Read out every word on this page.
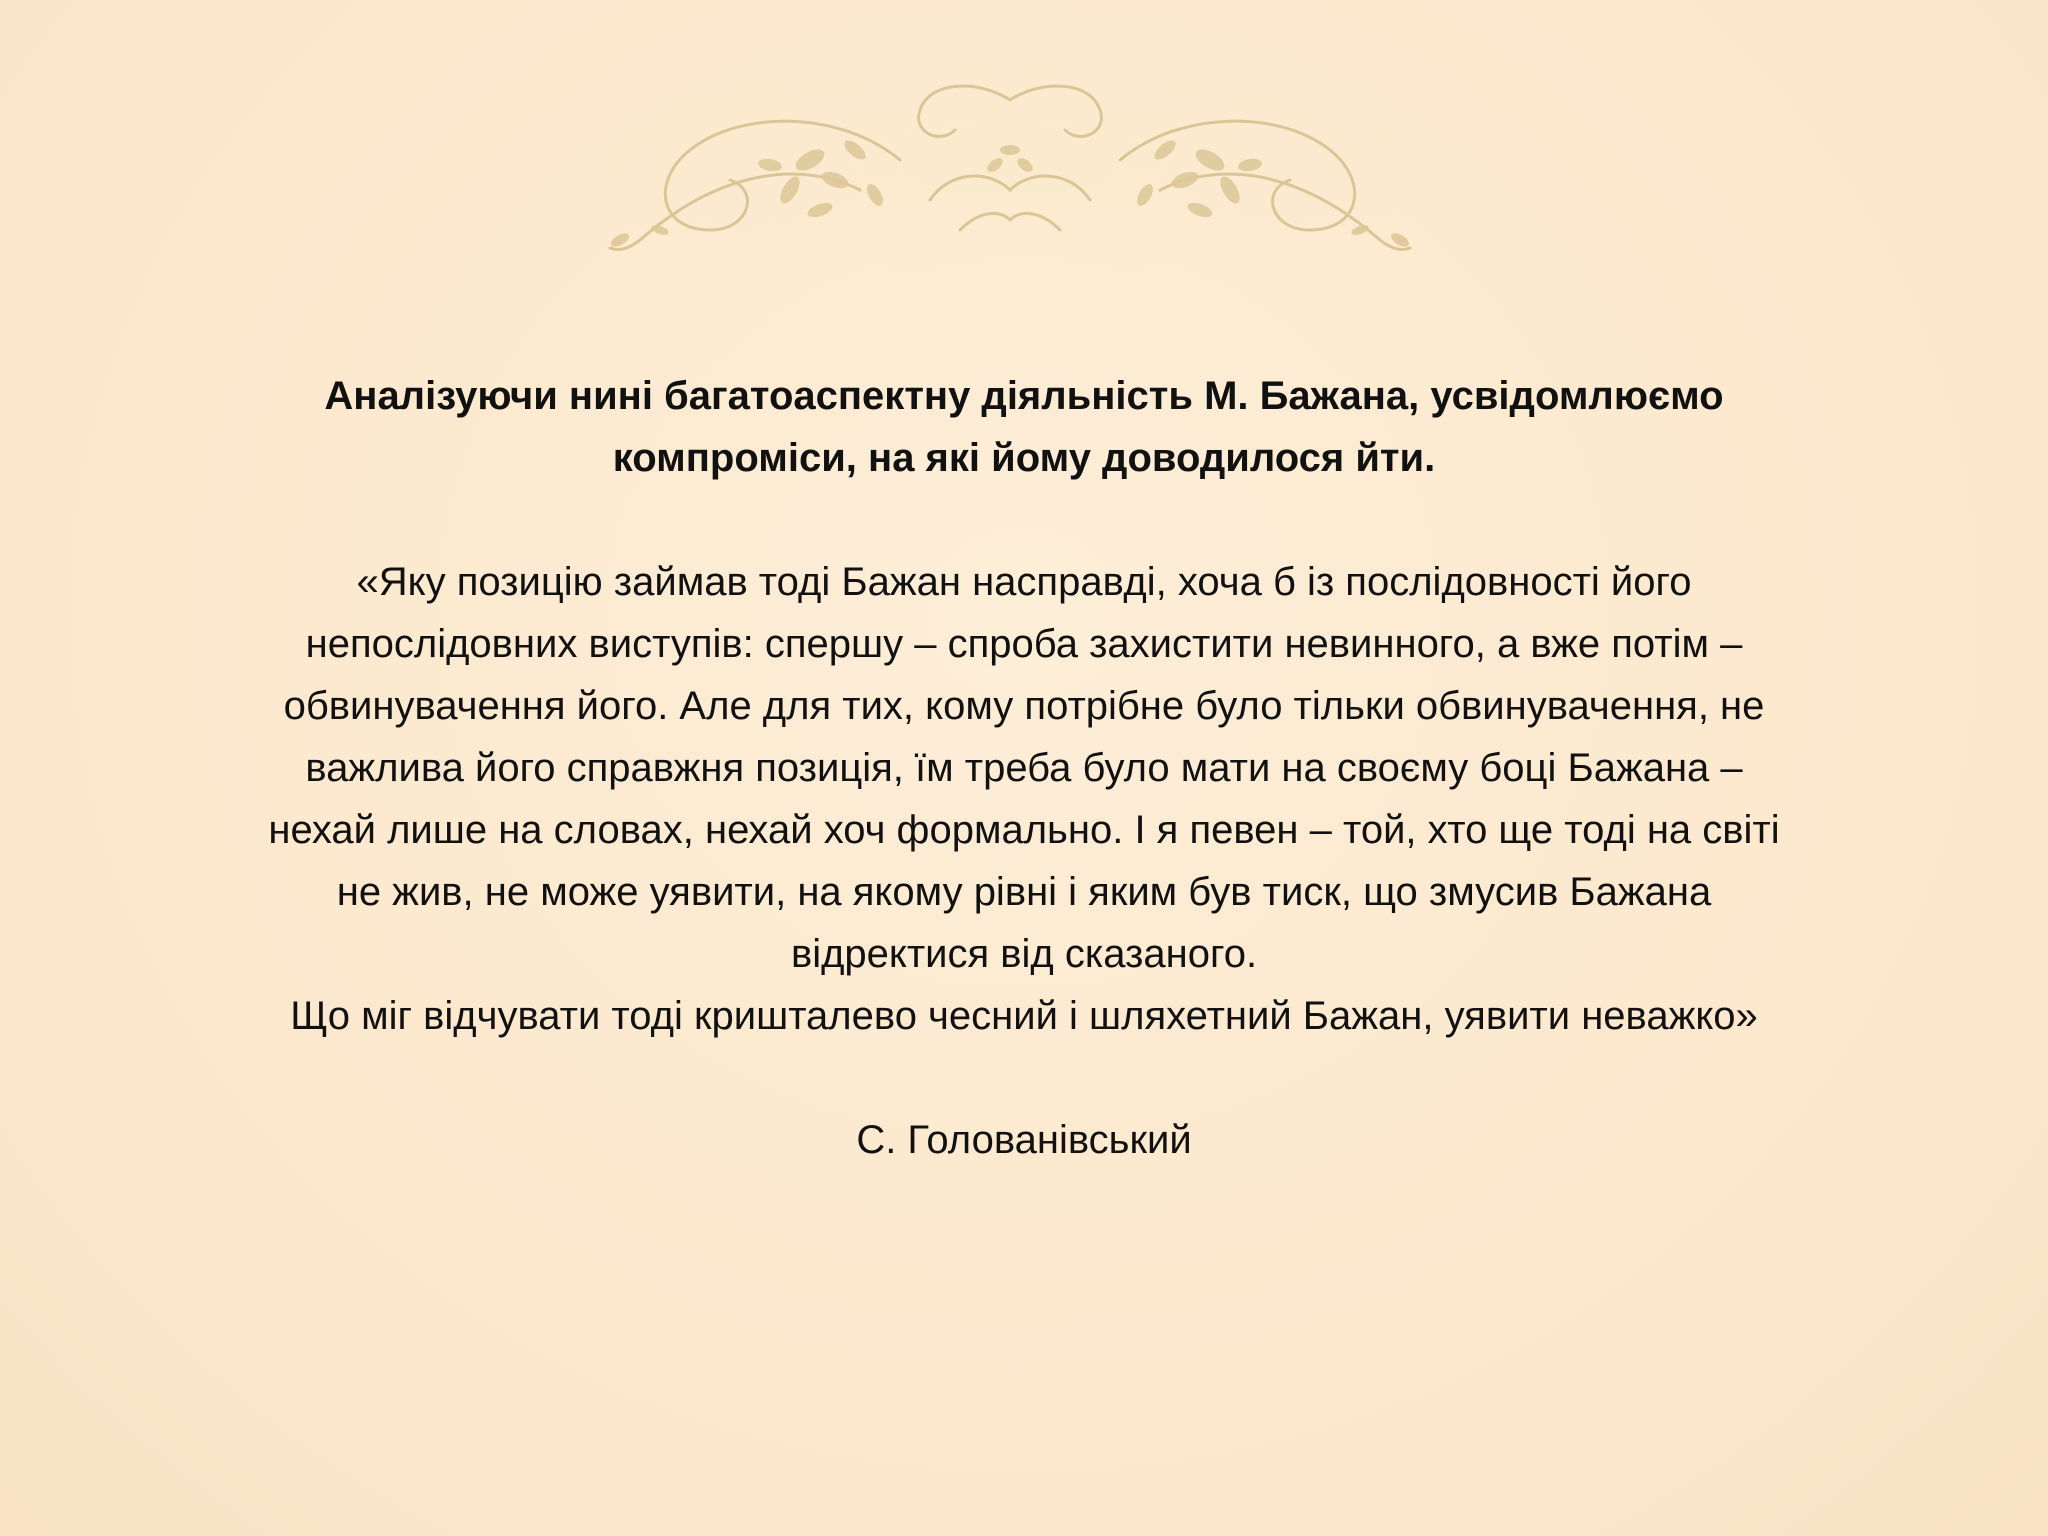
Аналізуючи нині багатоаспектну діяльність М. Бажана, усвідомлюємо
компроміси, на які йому доводилося йти.

«Яку позицію займав тоді Бажан насправді, хоча б із послідовності його
непослідовних виступів: спершу – спроба захистити невинного, а вже потім –
обвинувачення його. Але для тих, кому потрібне було тільки обвинувачення, не
важлива його справжня позиція, їм треба було мати на своєму боці Бажана –
нехай лише на словах, нехай хоч формально. І я певен – той, хто ще тоді на світі
не жив, не може уявити, на якому рівні і яким був тиск, що змусив Бажана
відректися від сказаного.
Що міг відчувати тоді кришталево чесний і шляхетний Бажан, уявити неважко»

С. Голованівський
